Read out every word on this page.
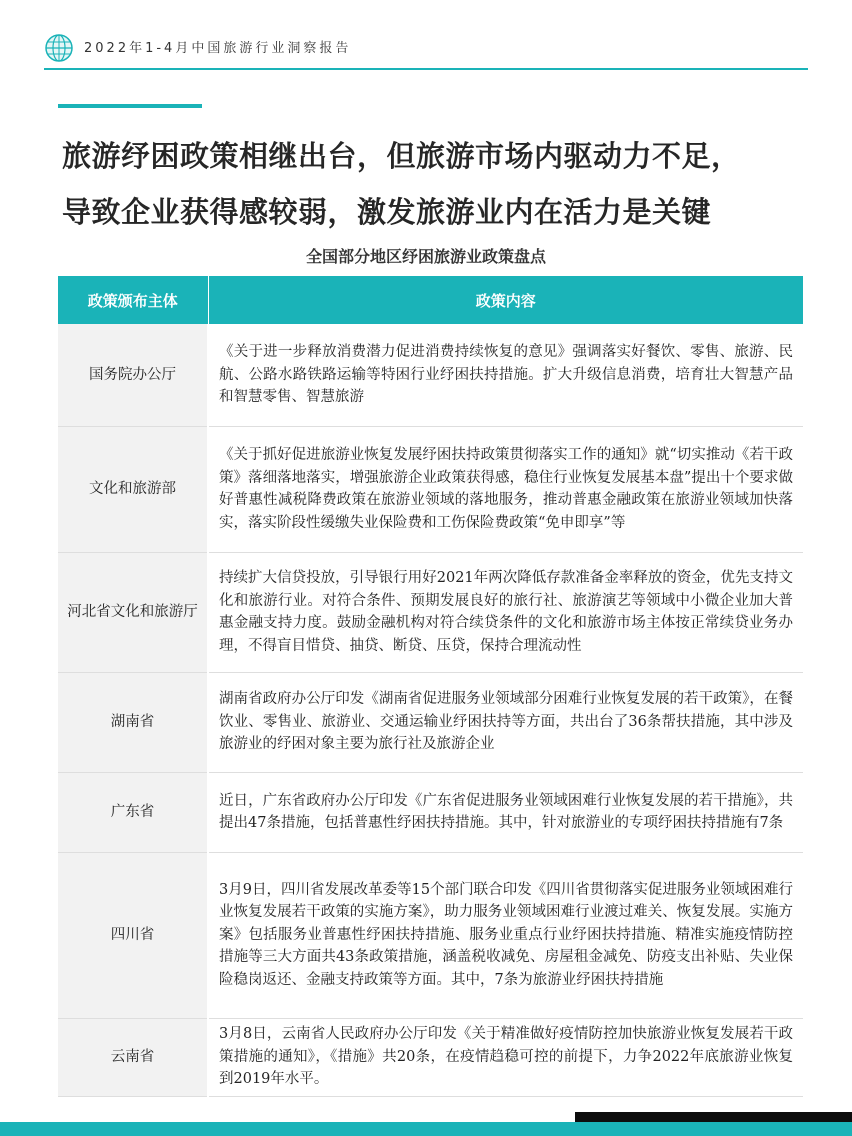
2022年1-4月中国旅游行业洞察报告
旅游纾困政策相继出台，但旅游市场内驱动力不足，
导致企业获得感较弱，激发旅游业内在活力是关键
全国部分地区纾困旅游业政策盘点
政策颁布主体	政策内容
国务院办公厅	《关于进一步释放消费潜力促进消费持续恢复的意见》强调落实好餐饮、零售、旅游、民航、公路水路铁路运输等特困行业纾困扶持措施。扩大升级信息消费，培育壮大智慧产品和智慧零售、智慧旅游
文化和旅游部	《关于抓好促进旅游业恢复发展纾困扶持政策贯彻落实工作的通知》就“切实推动《若干政策》落细落地落实，增强旅游企业政策获得感，稳住行业恢复发展基本盘”提出十个要求做好普惠性减税降费政策在旅游业领域的落地服务，推动普惠金融政策在旅游业领域加快落实，落实阶段性缓缴失业保险费和工伤保险费政策“免申即享”等
河北省文化和旅游厅	持续扩大信贷投放，引导银行用好2021年两次降低存款准备金率释放的资金，优先支持文化和旅游行业。对符合条件、预期发展良好的旅行社、旅游演艺等领域中小微企业加大普惠金融支持力度。鼓励金融机构对符合续贷条件的文化和旅游市场主体按正常续贷业务办理，不得盲目惜贷、抽贷、断贷、压贷，保持合理流动性
湖南省	湖南省政府办公厅印发《湖南省促进服务业领域部分困难行业恢复发展的若干政策》，在餐饮业、零售业、旅游业、交通运输业纾困扶持等方面，共出台了36条帮扶措施，其中涉及旅游业的纾困对象主要为旅行社及旅游企业
广东省	近日，广东省政府办公厅印发《广东省促进服务业领域困难行业恢复发展的若干措施》，共提出47条措施，包括普惠性纾困扶持措施。其中，针对旅游业的专项纾困扶持措施有7条
四川省	3月9日，四川省发展改革委等15个部门联合印发《四川省贯彻落实促进服务业领域困难行业恢复发展若干政策的实施方案》，助力服务业领域困难行业渡过难关、恢复发展。实施方案》包括服务业普惠性纾困扶持措施、服务业重点行业纾困扶持措施、精准实施疫情防控措施等三大方面共43条政策措施，涵盖税收减免、房屋租金减免、防疫支出补贴、失业保险稳岗返还、金融支持政策等方面。其中，7条为旅游业纾困扶持措施
云南省	3月8日，云南省人民政府办公厅印发《关于精准做好疫情防控加快旅游业恢复发展若干政策措施的通知》，《措施》共20条，在疫情趋稳可控的前提下，力争2022年底旅游业恢复到2019年水平。
